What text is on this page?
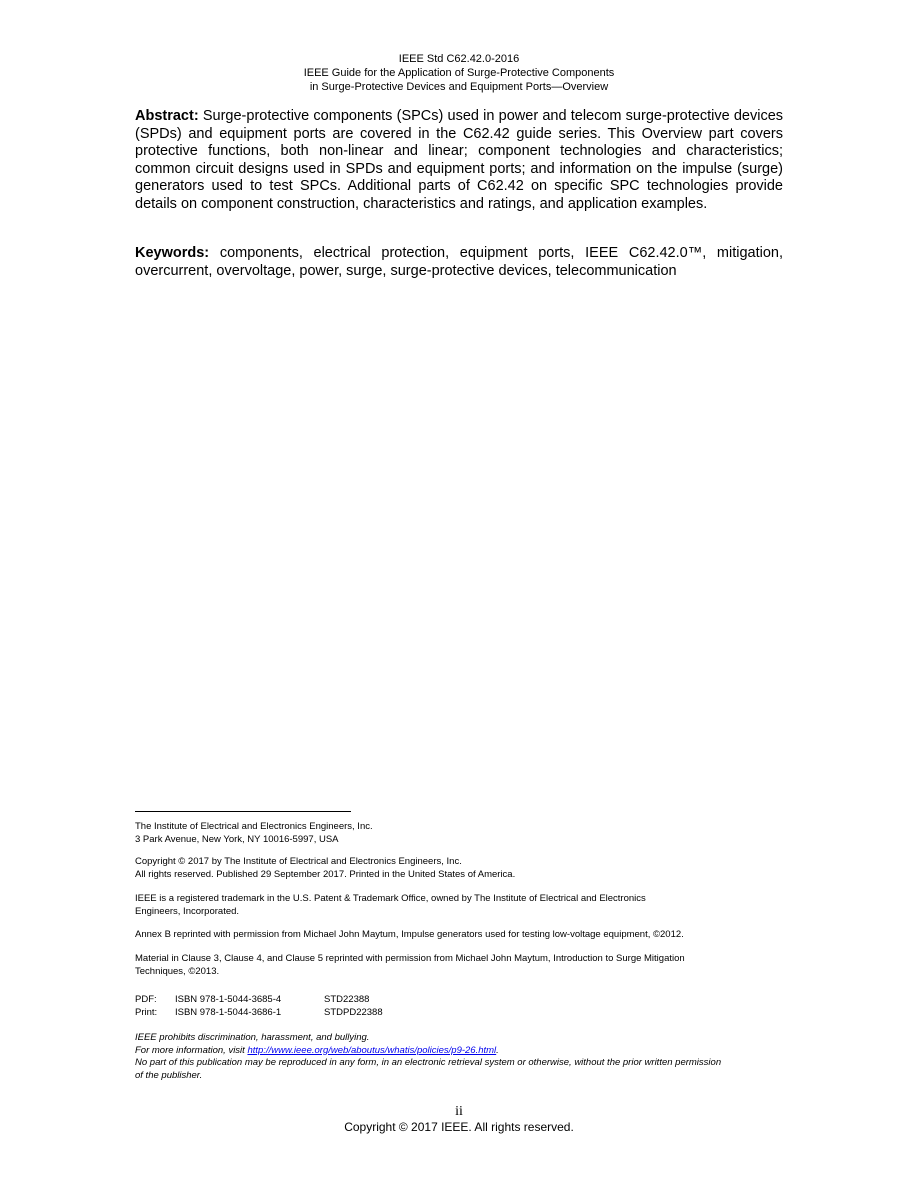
IEEE Std C62.42.0-2016
IEEE Guide for the Application of Surge-Protective Components
in Surge-Protective Devices and Equipment Ports—Overview
Abstract: Surge-protective components (SPCs) used in power and telecom surge-protective devices (SPDs) and equipment ports are covered in the C62.42 guide series. This Overview part covers protective functions, both non-linear and linear; component technologies and characteristics; common circuit designs used in SPDs and equipment ports; and information on the impulse (surge) generators used to test SPCs. Additional parts of C62.42 on specific SPC technologies provide details on component construction, characteristics and ratings, and application examples.
Keywords: components, electrical protection, equipment ports, IEEE C62.42.0™, mitigation, overcurrent, overvoltage, power, surge, surge-protective devices, telecommunication
The Institute of Electrical and Electronics Engineers, Inc.
3 Park Avenue, New York, NY 10016-5997, USA
Copyright © 2017 by The Institute of Electrical and Electronics Engineers, Inc.
All rights reserved. Published 29 September 2017. Printed in the United States of America.
IEEE is a registered trademark in the U.S. Patent & Trademark Office, owned by The Institute of Electrical and Electronics
Engineers, Incorporated.
Annex B reprinted with permission from Michael John Maytum, Impulse generators used for testing low-voltage equipment, ©2012.
Material in Clause 3, Clause 4, and Clause 5 reprinted with permission from Michael John Maytum, Introduction to Surge Mitigation
Techniques, ©2013.
PDF: ISBN 978-1-5044-3685-4	STD22388
Print: ISBN 978-1-5044-3686-1	STDPD22388
IEEE prohibits discrimination, harassment, and bullying.
For more information, visit http://www.ieee.org/web/aboutus/whatis/policies/p9-26.html.
No part of this publication may be reproduced in any form, in an electronic retrieval system or otherwise, without the prior written permission
of the publisher.
ii
Copyright © 2017 IEEE. All rights reserved.
